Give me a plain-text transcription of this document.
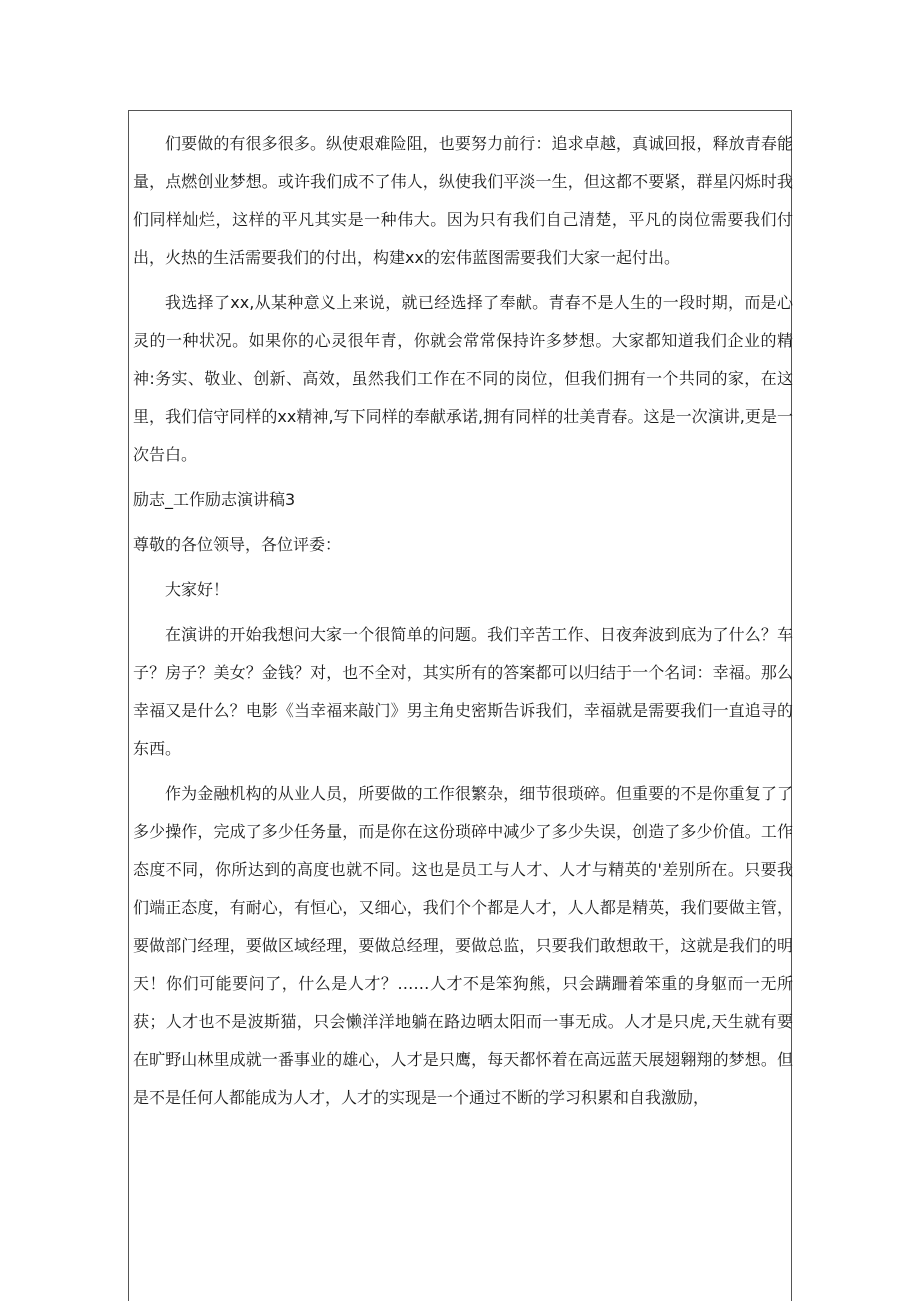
们要做的有很多很多。纵使艰难险阻，也要努力前行：追求卓越，真诚回报，释放青春能量，点燃创业梦想。或许我们成不了伟人，纵使我们平淡一生，但这都不要紧，群星闪烁时我们同样灿烂，这样的平凡其实是一种伟大。因为只有我们自己清楚，平凡的岗位需要我们付出，火热的生活需要我们的付出，构建xx的宏伟蓝图需要我们大家一起付出。

我选择了xx,从某种意义上来说，就已经选择了奉献。青春不是人生的一段时期，而是心灵的一种状况。如果你的心灵很年青，你就会常常保持许多梦想。大家都知道我们企业的精神:务实、敬业、创新、高效，虽然我们工作在不同的岗位，但我们拥有一个共同的家，在这里，我们信守同样的xx精神,写下同样的奉献承诺,拥有同样的壮美青春。这是一次演讲,更是一次告白。

励志_工作励志演讲稿3

尊敬的各位领导，各位评委：

大家好！

在演讲的开始我想问大家一个很简单的问题。我们辛苦工作、日夜奔波到底为了什么？车子？房子？美女？金钱？对，也不全对，其实所有的答案都可以归结于一个名词：幸福。那么幸福又是什么？电影《当幸福来敲门》男主角史密斯告诉我们，幸福就是需要我们一直追寻的东西。

作为金融机构的从业人员，所要做的工作很繁杂，细节很琐碎。但重要的不是你重复了了多少操作，完成了多少任务量，而是你在这份琐碎中减少了多少失误，创造了多少价值。工作态度不同，你所达到的高度也就不同。这也是员工与人才、人才与精英的'差别所在。只要我们端正态度，有耐心，有恒心，又细心，我们个个都是人才，人人都是精英，我们要做主管，要做部门经理，要做区域经理，要做总经理，要做总监，只要我们敢想敢干，这就是我们的明天！你们可能要问了，什么是人才？……人才不是笨狗熊，只会蹒跚着笨重的身躯而一无所获；人才也不是波斯猫，只会懒洋洋地躺在路边晒太阳而一事无成。人才是只虎,天生就有要在旷野山林里成就一番事业的雄心，人才是只鹰，每天都怀着在高远蓝天展翅翱翔的梦想。但是不是任何人都能成为人才，人才的实现是一个通过不断的学习积累和自我激励，
